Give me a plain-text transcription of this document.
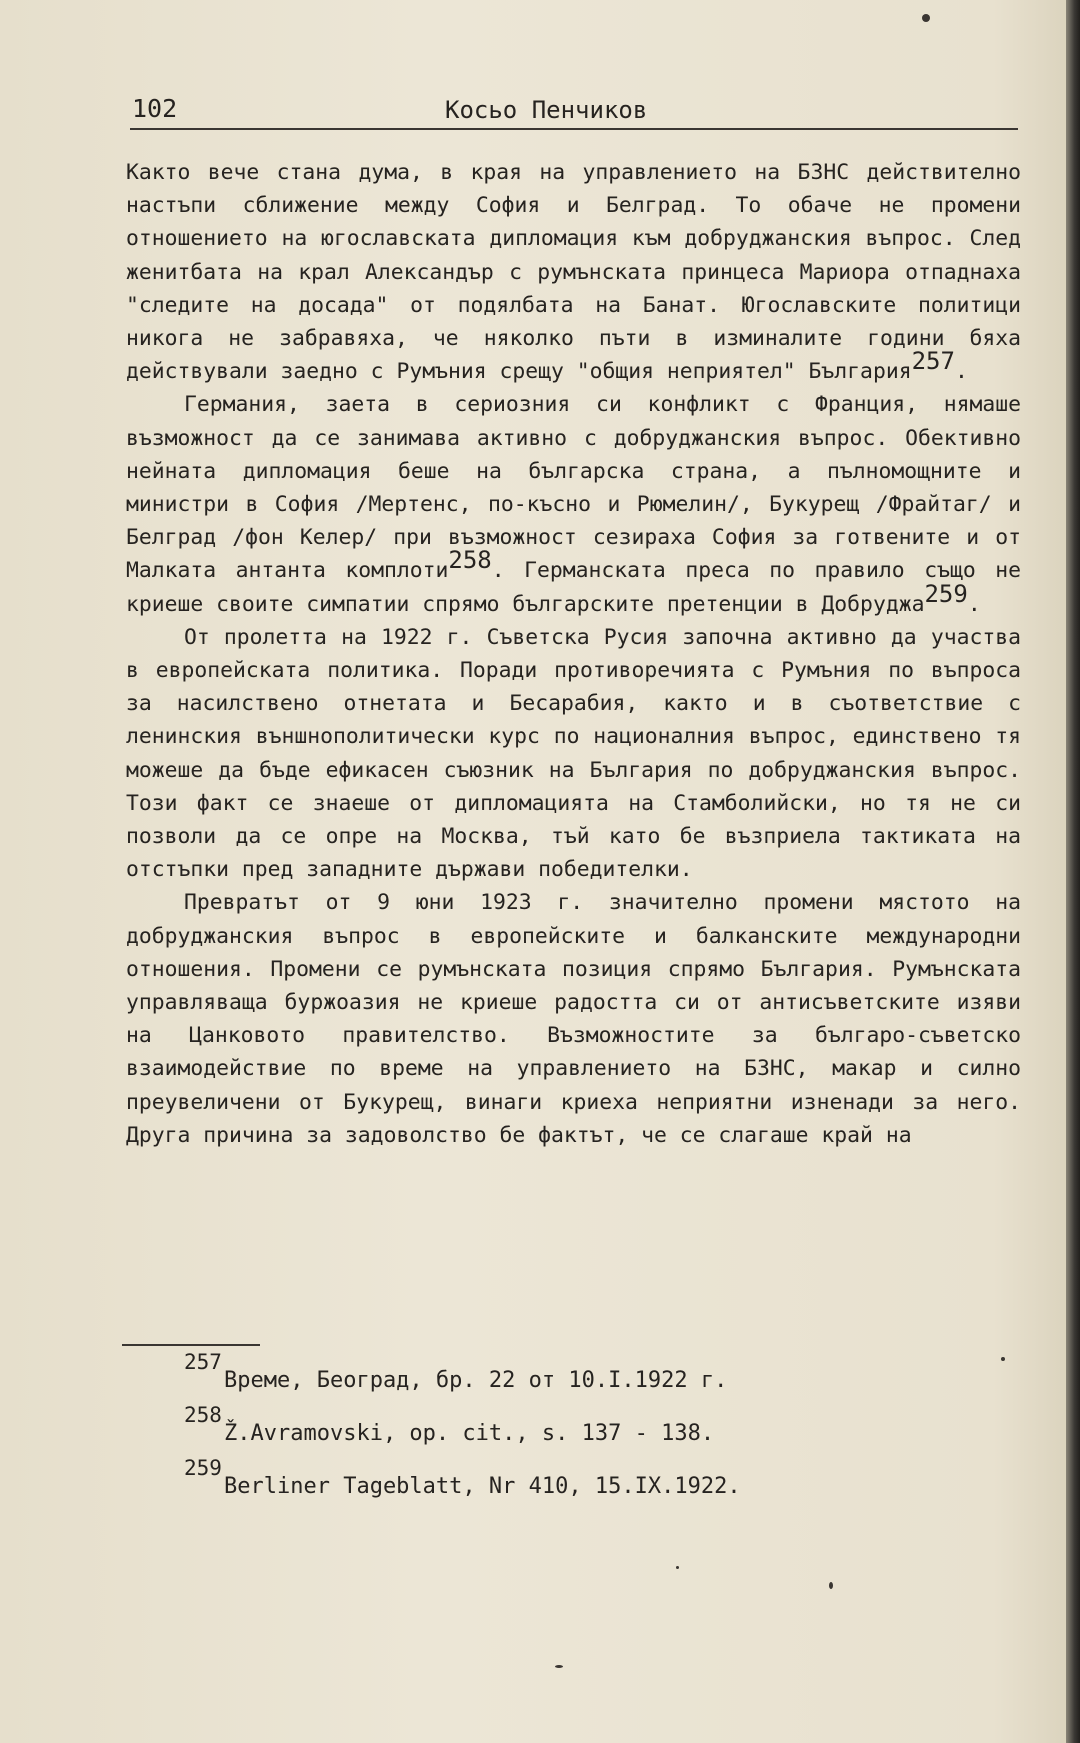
102	Косьо Пенчиков

Както вече стана дума, в края на управлението на БЗНС действително настъпи сближение между София и Белград. То обаче не промени отношението на югославската дипломация към добруджанския въпрос. След женитбата на крал Александър с румънската принцеса Мариора отпаднаха "следите на досада" от подялбата на Банат. Югославските политици никога не забравяха, че няколко пъти в изминалите години бяха действували заедно с Румъния срещу "общия неприятел" България$^{257}$.

Германия, заета в сериозния си конфликт с Франция, нямаше възможност да се занимава активно с добруджанския въпрос. Обективно нейната дипломация беше на българска страна, а пълномощните и министри в София /Мертенс, по-късно и Рюмелин/, Букурещ /Фрайтаг/ и Белград /фон Келер/ при възможност сезираха София за готвените и от Малката антанта комплоти$^{258}$. Германската преса по правило също не криеше своите симпатии спрямо българските претенции в Добруджа$^{259}$.

От пролетта на 1922 г. Съветска Русия започна активно да участва в европейската политика. Поради противоречията с Румъния по въпроса за насилствено отнетата и Бесарабия, както и в съответствие с ленинския външнополитически курс по националния въпрос, единствено тя можеше да бъде ефикасен съюзник на България по добруджанския въпрос. Този факт се знаеше от дипломацията на Стамболийски, но тя не си позволи да се опре на Москва, тъй като бе възприела тактиката на отстъпки пред западните държави победителки.

Превратът от 9 юни 1923 г. значително промени мястото на добруджанския въпрос в европейските и балканските международни отношения. Промени се румънската позиция спрямо България. Румънската управляваща буржоазия не криеше радостта си от антисъветските изяви на Цанковото правителство. Възможностите за българо-съветско взаимодействие по време на управлението на БЗНС, макар и силно преувеличени от Букурещ, винаги криеха неприятни изненади за него. Друга причина за задоволство бе фактът, че се слагаше край на

257
Време, Београд, бр. 22 от 10.I.1922 г.
258
Ž.Avramovski, op. cit., s. 137 - 138.
259
Berliner Tageblatt, Nr 410, 15.IX.1922.
